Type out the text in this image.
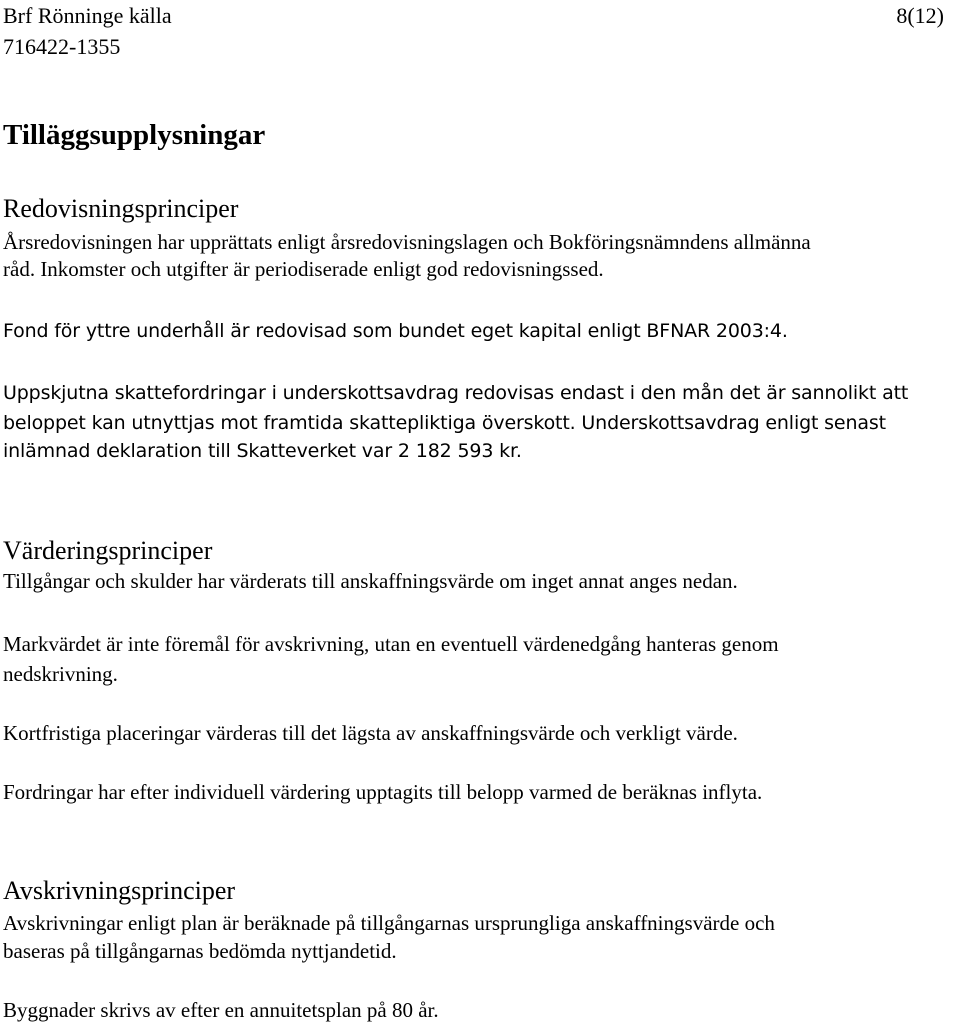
Brf Rönninge källa
716422-1355
8(12)
Tilläggsupplysningar
Redovisningsprinciper
Årsredovisningen har upprättats enligt årsredovisningslagen och Bokföringsnämndens allmänna
råd. Inkomster och utgifter är periodiserade enligt god redovisningssed.
Fond för yttre underhåll är redovisad som bundet eget kapital enligt BFNAR 2003:4.
Uppskjutna skattefordringar i underskottsavdrag redovisas endast i den mån det är sannolikt att
beloppet kan utnyttjas mot framtida skattepliktiga överskott. Underskottsavdrag enligt senast
inlämnad deklaration till Skatteverket var 2 182 593 kr.
Värderingsprinciper
Tillgångar och skulder har värderats till anskaffningsvärde om inget annat anges nedan.
Markvärdet är inte föremål för avskrivning, utan en eventuell värdenedgång hanteras genom
nedskrivning.
Kortfristiga placeringar värderas till det lägsta av anskaffningsvärde och verkligt värde.
Fordringar har efter individuell värdering upptagits till belopp varmed de beräknas inflyta.
Avskrivningsprinciper
Avskrivningar enligt plan är beräknade på tillgångarnas ursprungliga anskaffningsvärde och
baseras på tillgångarnas bedömda nyttjandetid.
Byggnader skrivs av efter en annuitetsplan på 80 år.
